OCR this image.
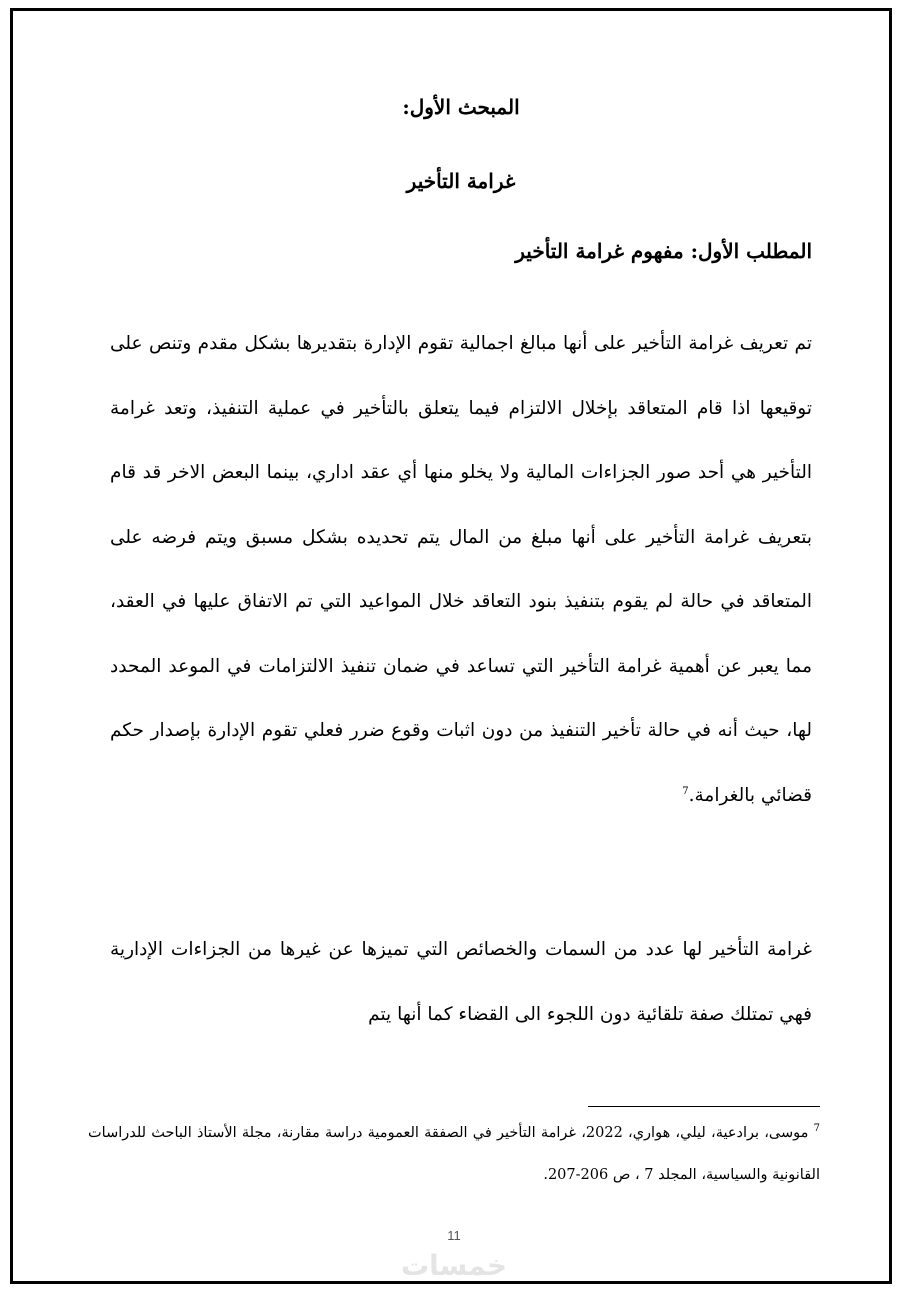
المبحث الأول:
غرامة التأخير
المطلب الأول: مفهوم غرامة التأخير

تم تعريف غرامة التأخير على أنها مبالغ اجمالية تقوم الإدارة بتقديرها بشكل مقدم وتنص على توقيعها اذا قام المتعاقد بإخلال الالتزام فيما يتعلق بالتأخير في عملية التنفيذ، وتعد غرامة التأخير هي أحد صور الجزاءات المالية ولا يخلو منها أي عقد اداري، بينما البعض الاخر قد قام بتعريف غرامة التأخير على أنها مبلغ من المال يتم تحديده بشكل مسبق ويتم فرضه على المتعاقد في حالة لم يقوم بتنفيذ بنود التعاقد خلال المواعيد التي تم الاتفاق عليها في العقد، مما يعبر عن أهمية غرامة التأخير التي تساعد في ضمان تنفيذ الالتزامات في الموعد المحدد لها، حيث أنه في حالة تأخير التنفيذ من دون اثبات وقوع ضرر فعلي تقوم الإدارة بإصدار حكم قضائي بالغرامة.$^7$

غرامة التأخير لها عدد من السمات والخصائص التي تميزها عن غيرها من الجزاءات الإدارية فهي تمتلك صفة تلقائية دون اللجوء الى القضاء كما أنها يتم

$^7$ موسى، برادعية، ليلي، هواري، 2022، غرامة التأخير في الصفقة العمومية دراسة مقارنة، مجلة الأستاذ الباحث للدراسات القانونية والسياسية، المجلد 7 ، ص 206-207.

11
خمسات
